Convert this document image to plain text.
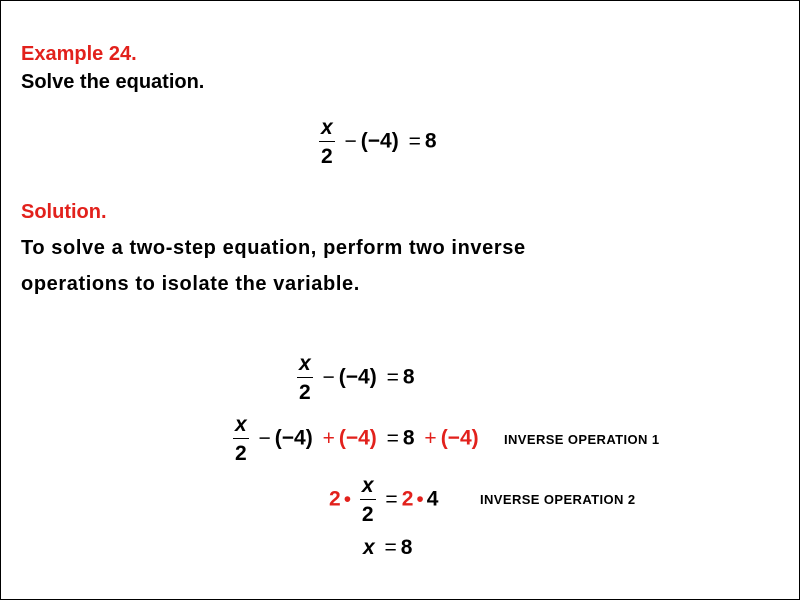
Example 24.
Solve the equation.
$\frac{x}{2} - (-4) = 8$
Solution.
To solve a two-step equation, perform two inverse
operations to isolate the variable.
$\frac{x}{2} - (-4) = 8$
$\frac{x}{2} - (-4) + (-4) = 8 + (-4)$ INVERSE OPERATION 1
2 • $\frac{x}{2} = 2$ • 4	INVERSE OPERATION 2
x = 8
